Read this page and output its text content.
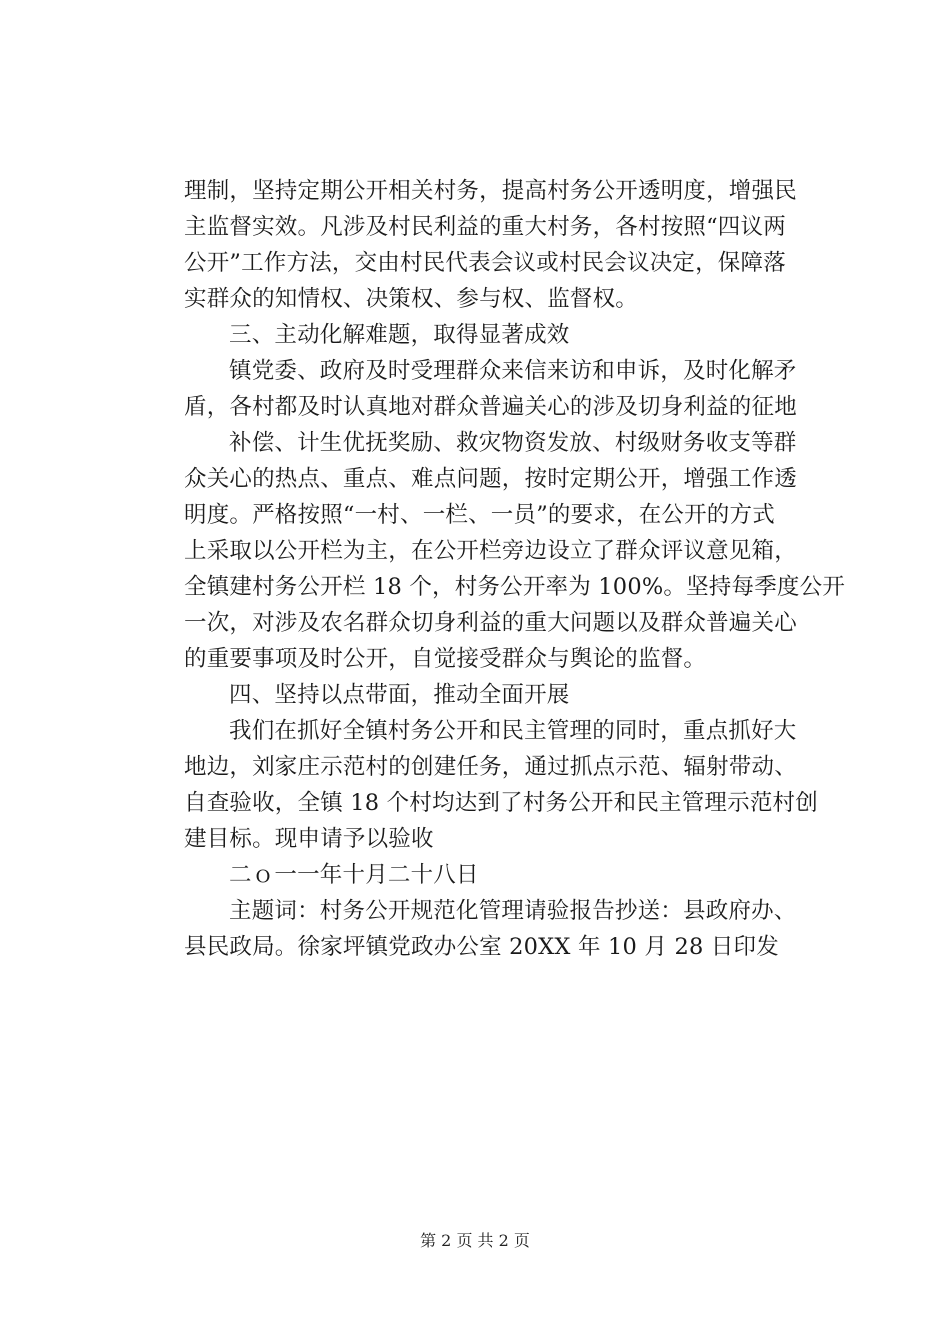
理制，坚持定期公开相关村务，提高村务公开透明度，增强民
主监督实效。凡涉及村民利益的重大村务，各村按照“四议两
公开”工作方法，交由村民代表会议或村民会议决定，保障落
实群众的知情权、决策权、参与权、监督权。
三、主动化解难题，取得显著成效
镇党委、政府及时受理群众来信来访和申诉，及时化解矛
盾，各村都及时认真地对群众普遍关心的涉及切身利益的征地
补偿、计生优抚奖励、救灾物资发放、村级财务收支等群
众关心的热点、重点、难点问题，按时定期公开，增强工作透
明度。严格按照“一村、一栏、一员”的要求，在公开的方式
上采取以公开栏为主，在公开栏旁边设立了群众评议意见箱，
全镇建村务公开栏 18 个，村务公开率为 100%。坚持每季度公开
一次，对涉及农名群众切身利益的重大问题以及群众普遍关心
的重要事项及时公开，自觉接受群众与舆论的监督。
四、坚持以点带面，推动全面开展
我们在抓好全镇村务公开和民主管理的同时，重点抓好大
地边，刘家庄示范村的创建任务，通过抓点示范、辐射带动、
自查验收，全镇 18 个村均达到了村务公开和民主管理示范村创
建目标。现申请予以验收
二ｏ一一年十月二十八日
主题词：村务公开规范化管理请验报告抄送：县政府办、
县民政局。徐家坪镇党政办公室 20XX 年 10 月 28 日印发
第 2 页 共 2 页
